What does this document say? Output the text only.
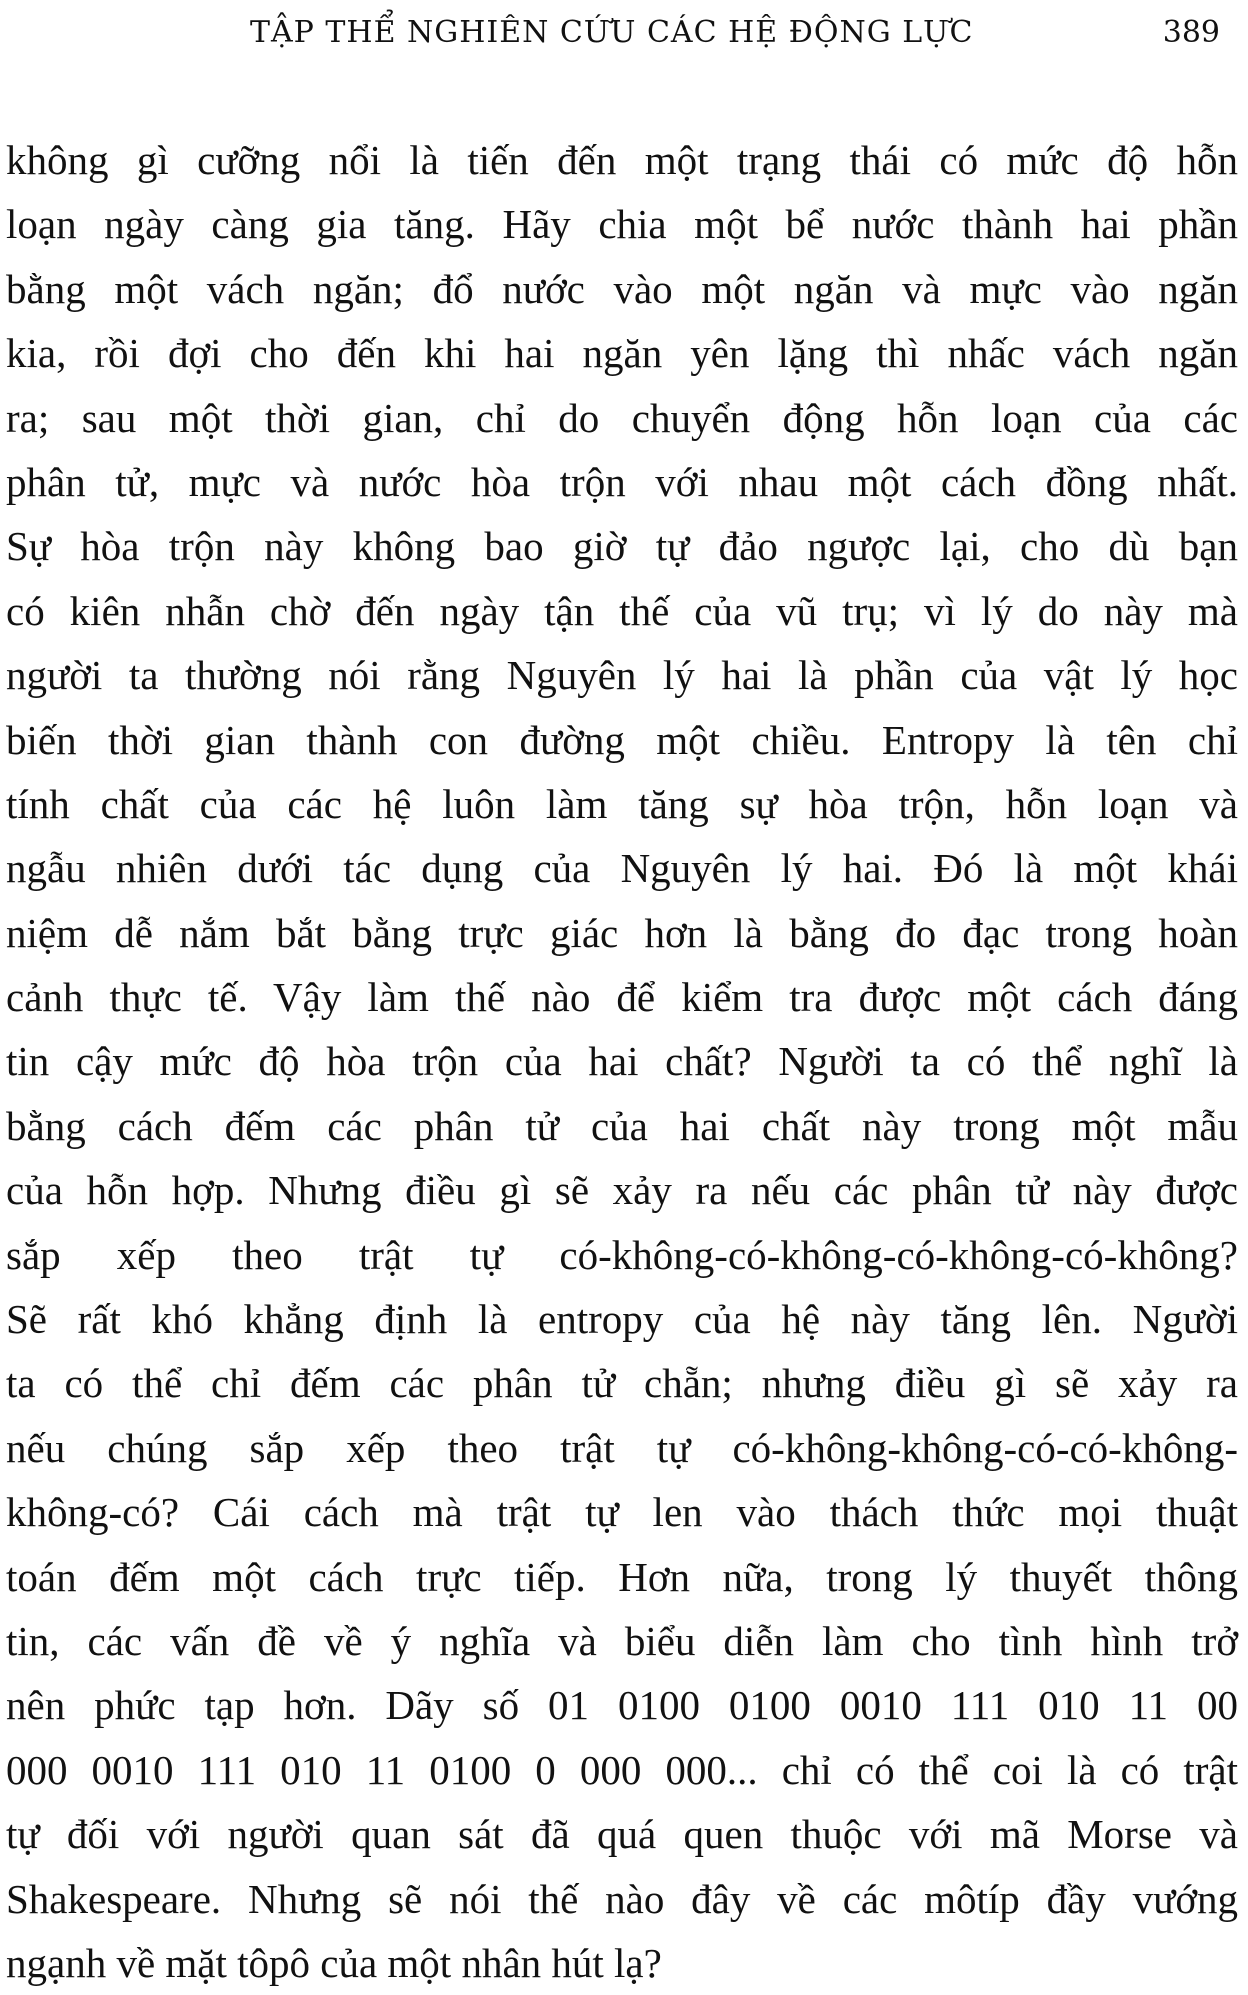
TẬP THỂ NGHIÊN CỨU CÁC HỆ ĐỘNG LỰC	389
không gì cưỡng nổi là tiến đến một trạng thái có mức độ hỗn
loạn ngày càng gia tăng. Hãy chia một bể nước thành hai phần
bằng một vách ngăn; đổ nước vào một ngăn và mực vào ngăn
kia, rồi đợi cho đến khi hai ngăn yên lặng thì nhấc vách ngăn
ra; sau một thời gian, chỉ do chuyển động hỗn loạn của các
phân tử, mực và nước hòa trộn với nhau một cách đồng nhất.
Sự hòa trộn này không bao giờ tự đảo ngược lại, cho dù bạn
có kiên nhẫn chờ đến ngày tận thế của vũ trụ; vì lý do này mà
người ta thường nói rằng Nguyên lý hai là phần của vật lý học
biến thời gian thành con đường một chiều. Entropy là tên chỉ
tính chất của các hệ luôn làm tăng sự hòa trộn, hỗn loạn và
ngẫu nhiên dưới tác dụng của Nguyên lý hai. Đó là một khái
niệm dễ nắm bắt bằng trực giác hơn là bằng đo đạc trong hoàn
cảnh thực tế. Vậy làm thế nào để kiểm tra được một cách đáng
tin cậy mức độ hòa trộn của hai chất? Người ta có thể nghĩ là
bằng cách đếm các phân tử của hai chất này trong một mẫu
của hỗn hợp. Nhưng điều gì sẽ xảy ra nếu các phân tử này được
sắp xếp theo trật tự có-không-có-không-có-không-có-không?
Sẽ rất khó khẳng định là entropy của hệ này tăng lên. Người
ta có thể chỉ đếm các phân tử chẵn; nhưng điều gì sẽ xảy ra
nếu chúng sắp xếp theo trật tự có-không-không-có-có-không-
không-có? Cái cách mà trật tự len vào thách thức mọi thuật
toán đếm một cách trực tiếp. Hơn nữa, trong lý thuyết thông
tin, các vấn đề về ý nghĩa và biểu diễn làm cho tình hình trở
nên phức tạp hơn. Dãy số 01 0100 0100 0010 111 010 11 00
000 0010 111 010 11 0100 0 000 000... chỉ có thể coi là có trật
tự đối với người quan sát đã quá quen thuộc với mã Morse và
Shakespeare. Nhưng sẽ nói thế nào đây về các môtíp đầy vướng
ngạnh về mặt tôpô của một nhân hút lạ?
